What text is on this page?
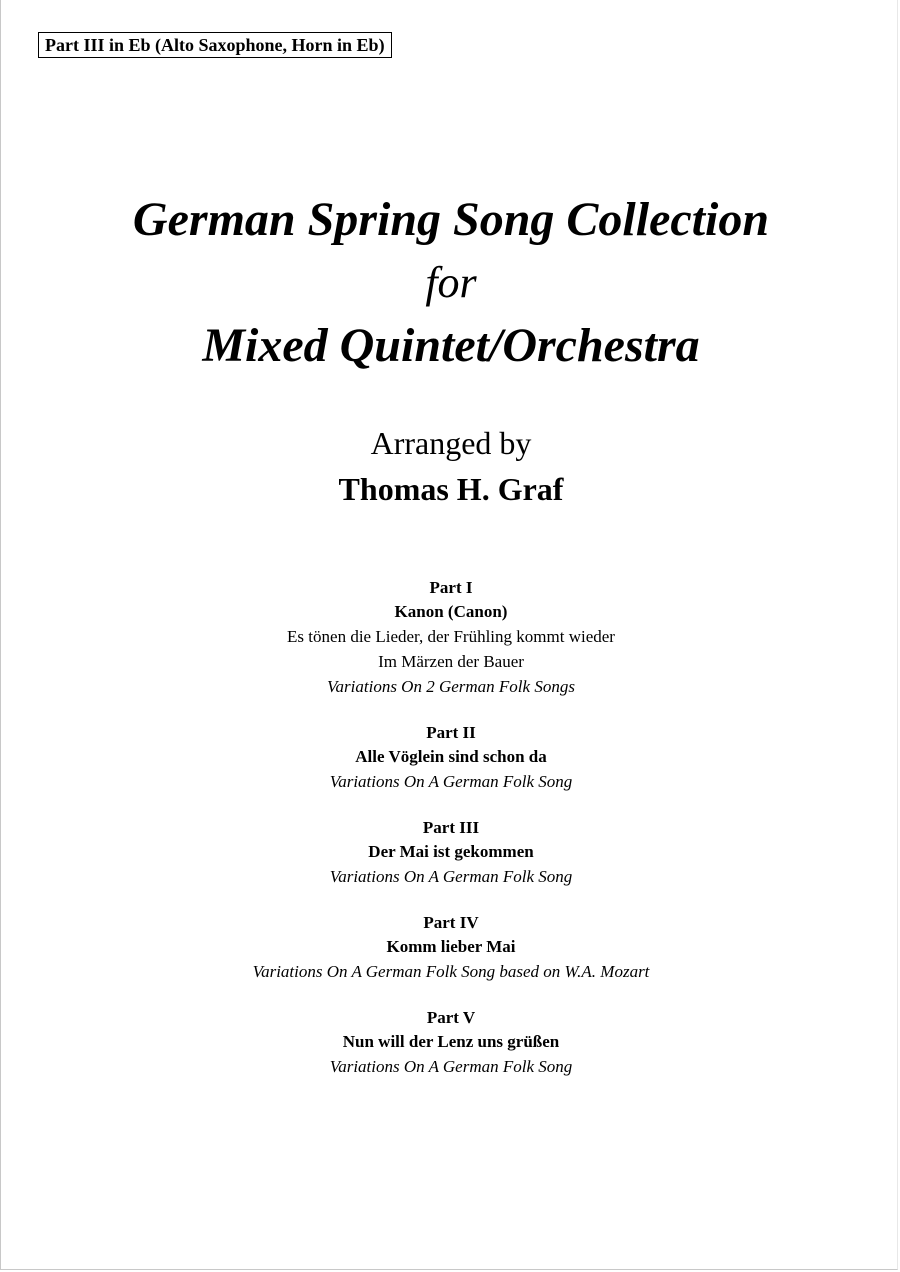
Part III in Eb (Alto Saxophone, Horn in Eb)

German Spring Song Collection

for

Mixed Quintet/Orchestra

Arranged by

Thomas H. Graf

Part I

Kanon (Canon)

Es tönen die Lieder, der Frühling kommt wieder

Im Märzen der Bauer

Variations On 2 German Folk Songs

Part II

Alle Vöglein sind schon da

Variations On A German Folk Song

Part III

Der Mai ist gekommen

Variations On A German Folk Song

Part IV

Komm lieber Mai

Variations On A German Folk Song based on W.A. Mozart

Part V

Nun will der Lenz uns grüßen

Variations On A German Folk Song
